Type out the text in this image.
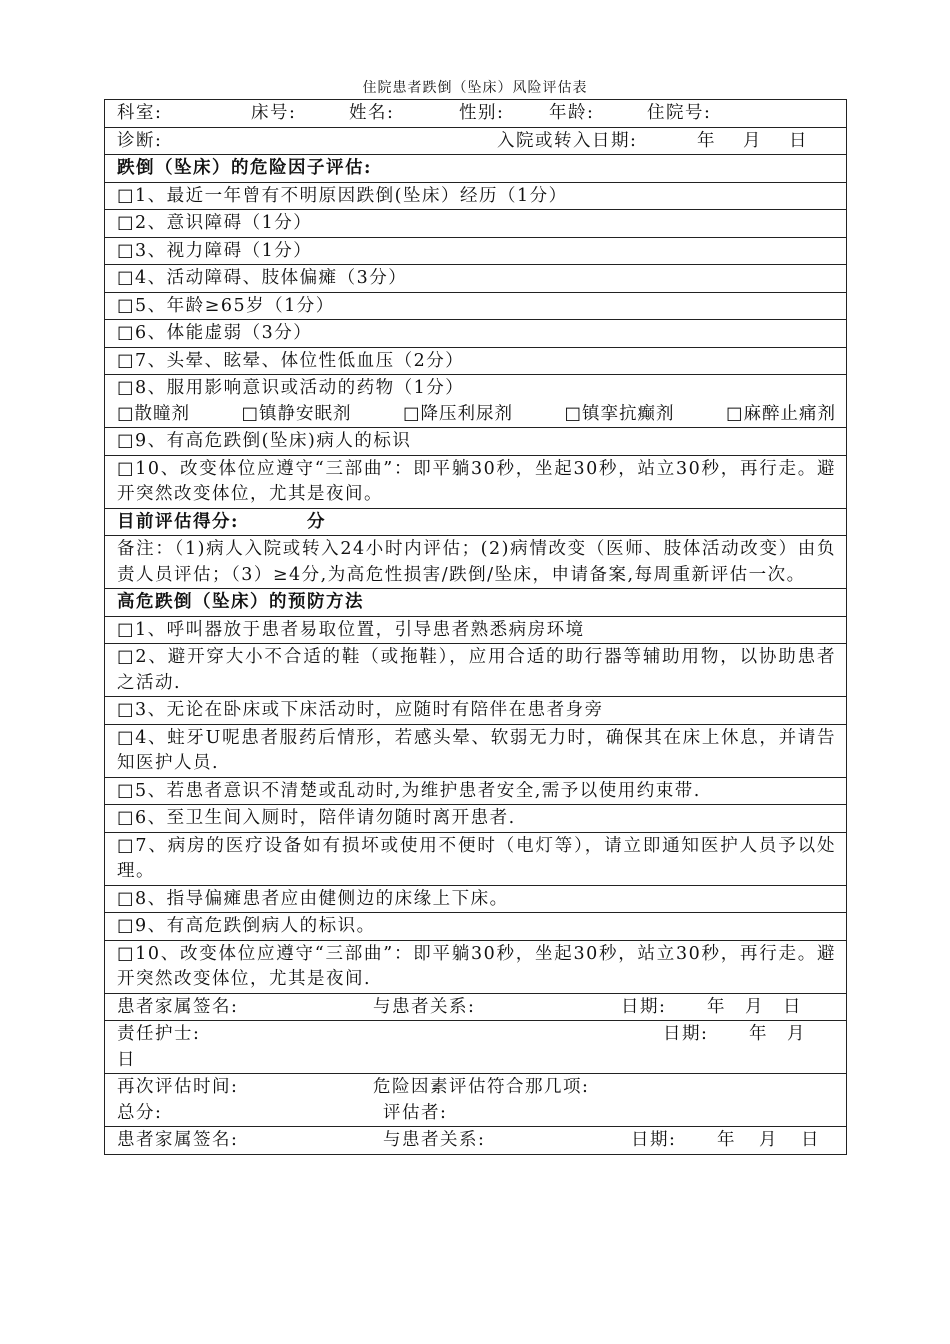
住院患者跌倒（坠床）风险评估表
科室:	床号:	姓名:	性别:	年龄:	住院号:
诊断:	入院或转入日期:	年 月 日
跌倒（坠床）的危险因子评估:
□1、最近一年曾有不明原因跌倒(坠床）经历（1分）
□2、意识障碍（1分）
□3、视力障碍（1分）
□4、活动障碍、肢体偏瘫（3分）
□5、年龄≥65岁（1分）
□6、体能虚弱（3分）
□7、头晕、眩晕、体位性低血压（2分）

□8、服用影响意识或活动的药物（1分）
□散瞳剂	□镇静安眠剂	□降压利尿剂	□镇挛抗癫剂	□麻醉止痛剂

□9、有高危跌倒(坠床)病人的标识
□10、改变体位应遵守“三部曲”：即平躺30秒，坐起30秒，站立30秒，再行走。避开突然改变体位，尤其是夜间。
目前评估得分:	分
备注：（1)病人入院或转入24小时内评估；(2)病情改变（医师、肢体活动改变）由负责人员评估；（3）≥4分,为高危性损害/跌倒/坠床，申请备案,每周重新评估一次。
高危跌倒（坠床）的预防方法
□1、呼叫器放于患者易取位置，引导患者熟悉病房环境
□2、避开穿大小不合适的鞋（或拖鞋），应用合适的助行器等辅助用物，以协助患者之活动.
□3、无论在卧床或下床活动时，应随时有陪伴在患者身旁
□4、蛀牙U呢患者服药后情形，若感头晕、软弱无力时，确保其在床上休息，并请告知医护人员.
□5、若患者意识不清楚或乱动时,为维护患者安全,需予以使用约束带.
□6、至卫生间入厕时，陪伴请勿随时离开患者.
□7、病房的医疗设备如有损坏或使用不便时（电灯等），请立即通知医护人员予以处理。
□8、指导偏瘫患者应由健侧边的床缘上下床。
□9、有高危跌倒病人的标识。
□10、改变体位应遵守“三部曲”：即平躺30秒，坐起30秒，站立30秒，再行走。避开突然改变体位，尤其是夜间.
患者家属签名:	与患者关系:	日期: 年 月 日

责任护士:	日期: 年 月
日

再次评估时间:	危险因素评估符合那几项:
总分:	评估者:

患者家属签名:	与患者关系:	日期: 年 月 日
